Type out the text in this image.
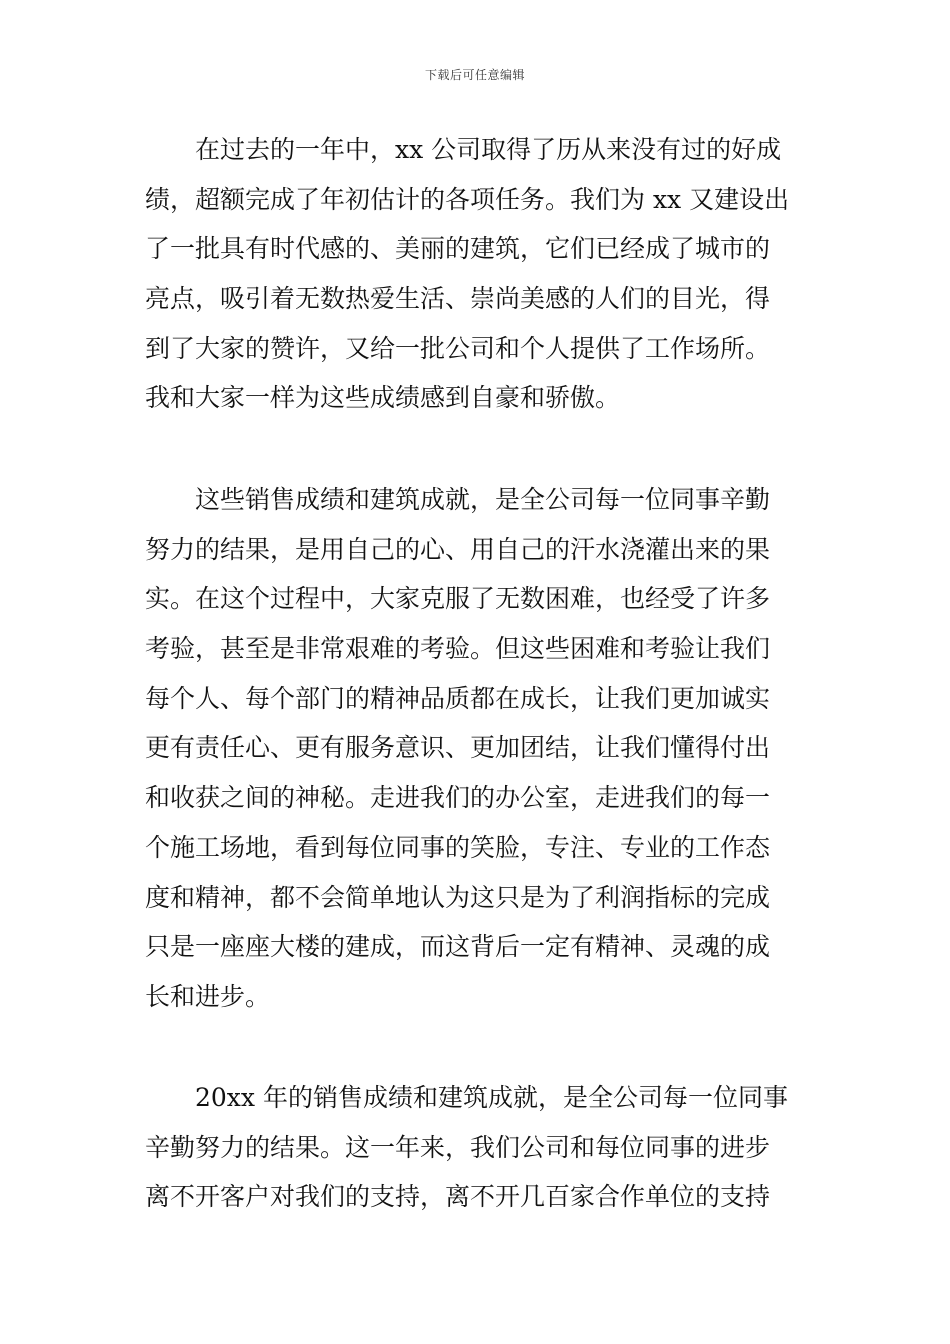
下载后可任意编辑
　　在过去的一年中，xx 公司取得了历从来没有过的好成
绩，超额完成了年初估计的各项任务。我们为 xx 又建设出
了一批具有时代感的、美丽的建筑，它们已经成了城市的
亮点，吸引着无数热爱生活、崇尚美感的人们的目光，得
到了大家的赞许，又给一批公司和个人提供了工作场所。
我和大家一样为这些成绩感到自豪和骄傲。
　　这些销售成绩和建筑成就，是全公司每一位同事辛勤
努力的结果，是用自己的心、用自己的汗水浇灌出来的果
实。在这个过程中，大家克服了无数困难，也经受了许多
考验，甚至是非常艰难的考验。但这些困难和考验让我们
每个人、每个部门的精神品质都在成长，让我们更加诚实
更有责任心、更有服务意识、更加团结，让我们懂得付出
和收获之间的神秘。走进我们的办公室，走进我们的每一
个施工场地，看到每位同事的笑脸，专注、专业的工作态
度和精神，都不会简单地认为这只是为了利润指标的完成
只是一座座大楼的建成，而这背后一定有精神、灵魂的成
长和进步。
　　20xx 年的销售成绩和建筑成就，是全公司每一位同事
辛勤努力的结果。这一年来，我们公司和每位同事的进步
离不开客户对我们的支持，离不开几百家合作单位的支持
